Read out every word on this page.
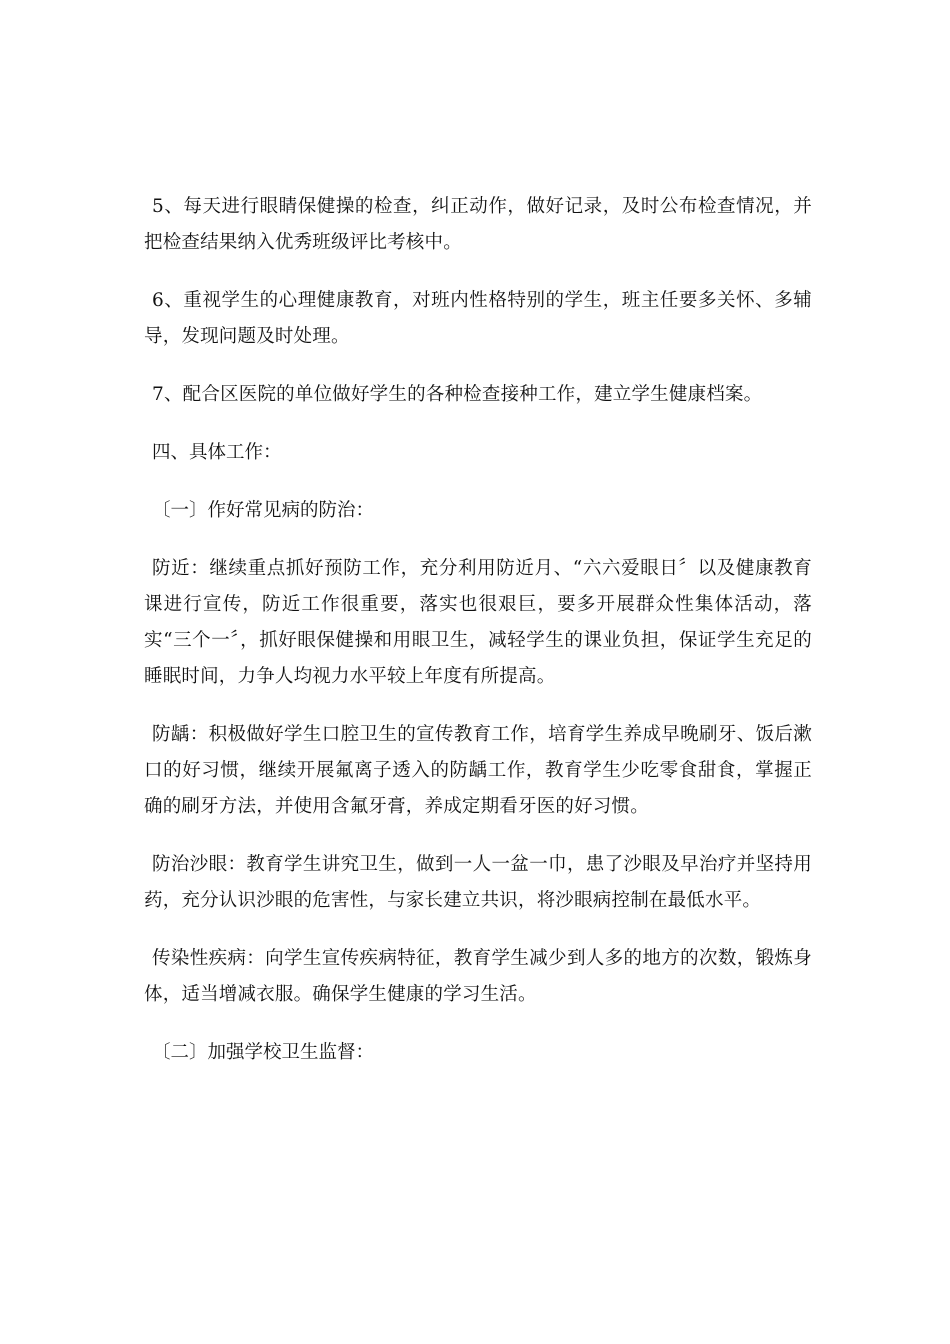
5、每天进行眼睛保健操的检查，纠正动作，做好记录，及时公布检查情况，并把检查结果纳入优秀班级评比考核中。

6、重视学生的心理健康教育，对班内性格特别的学生，班主任要多关怀、多辅导，发现问题及时处理。

7、配合区医院的单位做好学生的各种检查接种工作，建立学生健康档案。

四、具体工作：

〔一〕作好常见病的防治：

防近：继续重点抓好预防工作，充分利用防近月、“六六爱眼日〞以及健康教育课进行宣传，防近工作很重要，落实也很艰巨，要多开展群众性集体活动，落实“三个一〞，抓好眼保健操和用眼卫生，减轻学生的课业负担，保证学生充足的睡眠时间，力争人均视力水平较上年度有所提高。

防龋：积极做好学生口腔卫生的宣传教育工作，培育学生养成早晚刷牙、饭后漱口的好习惯，继续开展氟离子透入的防龋工作，教育学生少吃零食甜食，掌握正确的刷牙方法，并使用含氟牙膏，养成定期看牙医的好习惯。

防治沙眼：教育学生讲究卫生，做到一人一盆一巾，患了沙眼及早治疗并坚持用药，充分认识沙眼的危害性，与家长建立共识，将沙眼病控制在最低水平。

传染性疾病：向学生宣传疾病特征，教育学生减少到人多的地方的次数，锻炼身体，适当增减衣服。确保学生健康的学习生活。

〔二〕加强学校卫生监督：
